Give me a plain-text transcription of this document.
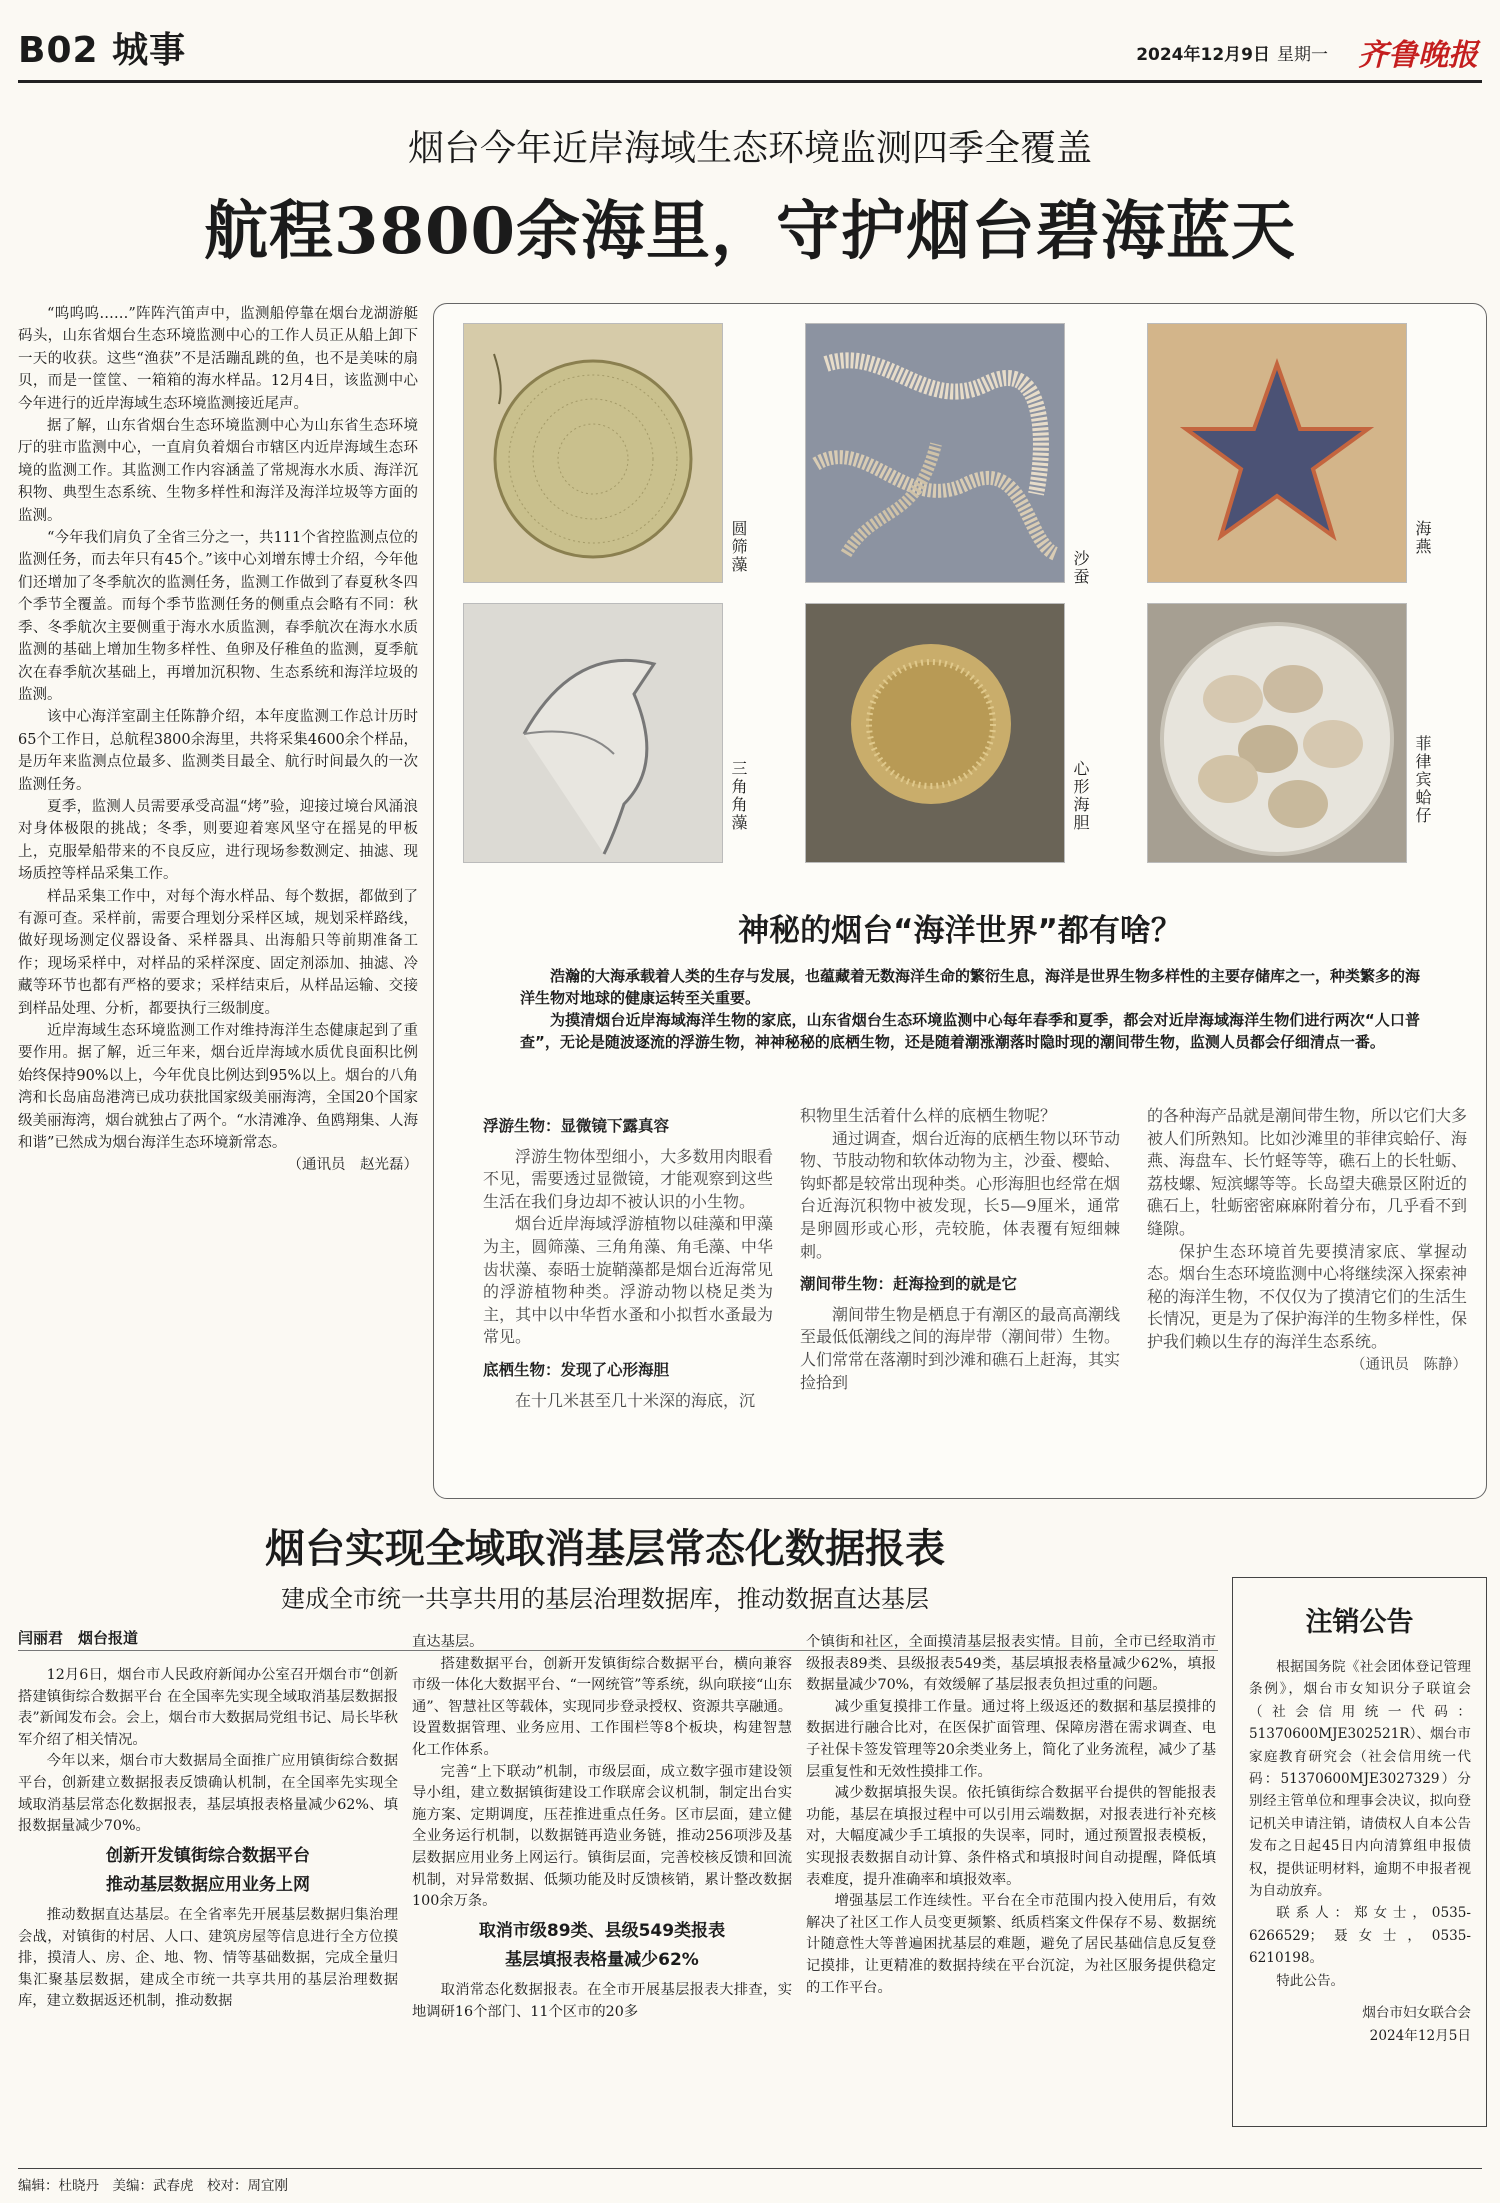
B02 城事	2024年12月9日 星期一 齐鲁晚报
烟台今年近岸海域生态环境监测四季全覆盖
航程3800余海里，守护烟台碧海蓝天

“呜呜呜……”阵阵汽笛声中，监测船停靠在烟台龙湖游艇码头，山东省烟台生态环境监测中心的工作人员正从船上卸下一天的收获。这些“渔获”不是活蹦乱跳的鱼，也不是美味的扇贝，而是一筐筐、一箱箱的海水样品。12月4日，该监测中心今年进行的近岸海域生态环境监测接近尾声。

据了解，山东省烟台生态环境监测中心为山东省生态环境厅的驻市监测中心，一直肩负着烟台市辖区内近岸海域生态环境的监测工作。其监测工作内容涵盖了常规海水水质、海洋沉积物、典型生态系统、生物多样性和海洋及海洋垃圾等方面的监测。

“今年我们肩负了全省三分之一，共111个省控监测点位的监测任务，而去年只有45个。”该中心刘增东博士介绍，今年他们还增加了冬季航次的监测任务，监测工作做到了春夏秋冬四个季节全覆盖。而每个季节监测任务的侧重点会略有不同：秋季、冬季航次主要侧重于海水水质监测，春季航次在海水水质监测的基础上增加生物多样性、鱼卵及仔稚鱼的监测，夏季航次在春季航次基础上，再增加沉积物、生态系统和海洋垃圾的监测。

该中心海洋室副主任陈静介绍，本年度监测工作总计历时65个工作日，总航程3800余海里，共将采集4600余个样品，是历年来监测点位最多、监测类目最全、航行时间最久的一次监测任务。

夏季，监测人员需要承受高温“烤”验，迎接过境台风涌浪对身体极限的挑战；冬季，则要迎着寒风坚守在摇晃的甲板上，克服晕船带来的不良反应，进行现场参数测定、抽滤、现场质控等样品采集工作。

样品采集工作中，对每个海水样品、每个数据，都做到了有源可查。采样前，需要合理划分采样区域，规划采样路线，做好现场测定仪器设备、采样器具、出海船只等前期准备工作；现场采样中，对样品的采样深度、固定剂添加、抽滤、冷藏等环节也都有严格的要求；采样结束后，从样品运输、交接到样品处理、分析，都要执行三级制度。

近岸海域生态环境监测工作对维持海洋生态健康起到了重要作用。据了解，近三年来，烟台近岸海域水质优良面积比例始终保持90%以上，今年优良比例达到95%以上。烟台的八角湾和长岛庙岛港湾已成功获批国家级美丽海湾，全国20个国家级美丽海湾，烟台就独占了两个。“水清滩净、鱼鸥翔集、人海和谐”已然成为烟台海洋生态环境新常态。

（通讯员　赵光磊）
圆筛藻	沙蚕
海燕
三角角藻	心形海胆	菲律宾蛤仔
神秘的烟台“海洋世界”都有啥？

浩瀚的大海承载着人类的生存与发展，也蕴藏着无数海洋生命的繁衍生息，海洋是世界生物多样性的主要存储库之一，种类繁多的海洋生物对地球的健康运转至关重要。

为摸清烟台近岸海域海洋生物的家底，山东省烟台生态环境监测中心每年春季和夏季，都会对近岸海域海洋生物们进行两次“人口普查”，无论是随波逐流的浮游生物，神神秘秘的底栖生物，还是随着潮涨潮落时隐时现的潮间带生物，监测人员都会仔细清点一番。

浮游生物：显微镜下露真容

浮游生物体型细小，大多数用肉眼看不见，需要透过显微镜，才能观察到这些生活在我们身边却不被认识的小生物。

烟台近岸海域浮游植物以硅藻和甲藻为主，圆筛藻、三角角藻、角毛藻、中华齿状藻、泰晤士旋鞘藻都是烟台近海常见的浮游植物种类。浮游动物以桡足类为主，其中以中华哲水蚤和小拟哲水蚤最为常见。

底栖生物：发现了心形海胆

在十几米甚至几十米深的海底，沉

积物里生活着什么样的底栖生物呢？

通过调查，烟台近海的底栖生物以环节动物、节肢动物和软体动物为主，沙蚕、樱蛤、钩虾都是较常出现种类。心形海胆也经常在烟台近海沉积物中被发现，长5—9厘米，通常是卵圆形或心形，壳较脆，体表覆有短细棘刺。

潮间带生物：赶海捡到的就是它

潮间带生物是栖息于有潮区的最高高潮线至最低低潮线之间的海岸带（潮间带）生物。人们常常在落潮时到沙滩和礁石上赶海，其实捡拾到

的各种海产品就是潮间带生物，所以它们大多被人们所熟知。比如沙滩里的菲律宾蛤仔、海燕、海盘车、长竹蛏等等，礁石上的长牡蛎、荔枝螺、短滨螺等等。长岛望夫礁景区附近的礁石上，牡蛎密密麻麻附着分布，几乎看不到缝隙。

保护生态环境首先要摸清家底、掌握动态。烟台生态环境监测中心将继续深入探索神秘的海洋生物，不仅仅为了摸清它们的生活生长情况，更是为了保护海洋的生物多样性，保护我们赖以生存的海洋生态系统。

（通讯员　陈静）
烟台实现全域取消基层常态化数据报表
建成全市统一共享共用的基层治理数据库，推动数据直达基层
闫丽君　烟台报道

12月6日，烟台市人民政府新闻办公室召开烟台市“创新搭建镇街综合数据平台 在全国率先实现全域取消基层数据报表”新闻发布会。会上，烟台市大数据局党组书记、局长毕秋军介绍了相关情况。

今年以来，烟台市大数据局全面推广应用镇街综合数据平台，创新建立数据报表反馈确认机制，在全国率先实现全域取消基层常态化数据报表，基层填报表格量减少62%、填报数据量减少70%。

创新开发镇街综合数据平台

推动基层数据应用业务上网

推动数据直达基层。在全省率先开展基层数据归集治理会战，对镇街的村居、人口、建筑房屋等信息进行全方位摸排，摸清人、房、企、地、物、情等基础数据，完成全量归集汇聚基层数据，建成全市统一共享共用的基层治理数据库，建立数据返还机制，推动数据

直达基层。

搭建数据平台，创新开发镇街综合数据平台，横向兼容市级一体化大数据平台、“一网统管”等系统，纵向联接“山东通”、智慧社区等载体，实现同步登录授权、资源共享融通。设置数据管理、业务应用、工作围栏等8个板块，构建智慧化工作体系。

完善“上下联动”机制，市级层面，成立数字强市建设领导小组，建立数据镇街建设工作联席会议机制，制定出台实施方案、定期调度，压茬推进重点任务。区市层面，建立健全业务运行机制，以数据链再造业务链，推动256项涉及基层数据应用业务上网运行。镇街层面，完善校核反馈和回流机制，对异常数据、低频功能及时反馈核销，累计整改数据100余万条。

取消市级89类、县级549类报表

基层填报表格量减少62%

取消常态化数据报表。在全市开展基层报表大排查，实地调研16个部门、11个区市的20多

个镇街和社区，全面摸清基层报表实情。目前，全市已经取消市级报表89类、县级报表549类，基层填报表格量减少62%，填报数据量减少70%，有效缓解了基层报表负担过重的问题。

减少重复摸排工作量。通过将上级返还的数据和基层摸排的数据进行融合比对，在医保扩面管理、保障房潜在需求调查、电子社保卡签发管理等20余类业务上，简化了业务流程，减少了基层重复性和无效性摸排工作。

减少数据填报失误。依托镇街综合数据平台提供的智能报表功能，基层在填报过程中可以引用云端数据，对报表进行补充核对，大幅度减少手工填报的失误率，同时，通过预置报表模板，实现报表数据自动计算、条件格式和填报时间自动提醒，降低填表难度，提升准确率和填报效率。

增强基层工作连续性。平台在全市范围内投入使用后，有效解决了社区工作人员变更频繁、纸质档案文件保存不易、数据统计随意性大等普遍困扰基层的难题，避免了居民基础信息反复登记摸排，让更精准的数据持续在平台沉淀，为社区服务提供稳定的工作平台。

注销公告

根据国务院《社会团体登记管理条例》，烟台市女知识分子联谊会（社会信用统一代码：51370600MJE302521R）、烟台市家庭教育研究会（社会信用统一代码：51370600MJE3027329）分别经主管单位和理事会决议，拟向登记机关申请注销，请债权人自本公告发布之日起45日内向清算组申报债权，提供证明材料，逾期不申报者视为自动放弃。

联系人：郑女士，0535-6266529；聂女士，0535-6210198。

特此公告。

烟台市妇女联合会
2024年12月5日
编辑：杜晓丹　美编：武春虎　校对：周宜刚
